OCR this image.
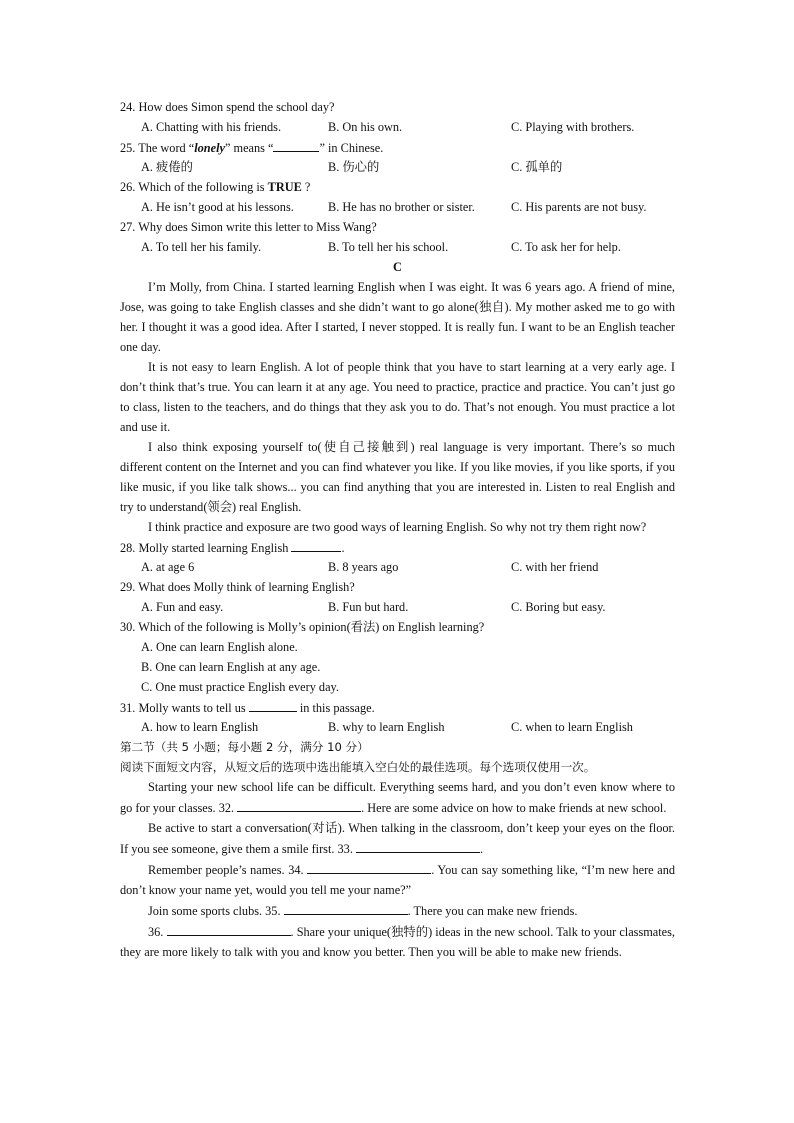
24. How does Simon spend the school day?
A. Chatting with his friends.	B. On his own.	C. Playing with brothers.
25. The word “lonely” means “	” in Chinese.
A. 疲倦的	B. 伤心的	C. 孤单的
26. Which of the following is TRUE ?
A. He isn’t good at his lessons.	B. He has no brother or sister.	C. His parents are not busy.
27. Why does Simon write this letter to Miss Wang?
A. To tell her his family.	B. To tell her his school.	C. To ask her for help.
C

I’m Molly, from China. I started learning English when I was eight. It was 6 years ago. A friend of mine, Jose, was going to take English classes and she didn’t want to go alone(独自). My mother asked me to go with her. I thought it was a good idea. After I started, I never stopped. It is really fun. I want to be an English teacher one day.

It is not easy to learn English. A lot of people think that you have to start learning at a very early age. I don’t think that’s true. You can learn it at any age. You need to practice, practice and practice. You can’t just go to class, listen to the teachers, and do things that they ask you to do. That’s not enough. You must practice a lot and use it.

I also think exposing yourself to(使自己接触到) real language is very important. There’s so much different content on the Internet and you can find whatever you like. If you like movies, if you like sports, if you like music, if you like talk shows... you can find anything that you are interested in. Listen to real English and try to understand(领会) real English.

I think practice and exposure are two good ways of learning English. So why not try them right now?

28. Molly started learning English	.
A. at age 6	B. 8 years ago	C. with her friend
29. What does Molly think of learning English?
A. Fun and easy.	B. Fun but hard.	C. Boring but easy.
30. Which of the following is Molly’s opinion(看法) on English learning?
A. One can learn English alone.
B. One can learn English at any age.
C. One must practice English every day.
31. Molly wants to tell us	in this passage.
A. how to learn English	B. why to learn English	C. when to learn English
第二节（共 5 小题；每小题 2 分，满分 10 分）
阅读下面短文内容，从短文后的选项中选出能填入空白处的最佳选项。每个选项仅使用一次。

Starting your new school life can be difficult. Everything seems hard, and you don’t even know where to go for your classes. 32.	. Here are some advice on how to make friends at new school.

Be active to start a conversation(对话). When talking in the classroom, don’t keep your eyes on the floor. If you see someone, give them a smile first. 33.	.

Remember people’s names. 34.	. You can say something like, “I’m new here and don’t know your name yet, would you tell me your name?”

Join some sports clubs. 35.	. There you can make new friends.

36.	. Share your unique(独特的) ideas in the new school. Talk to your classmates, they are more likely to talk with you and know you better. Then you will be able to make new friends.
